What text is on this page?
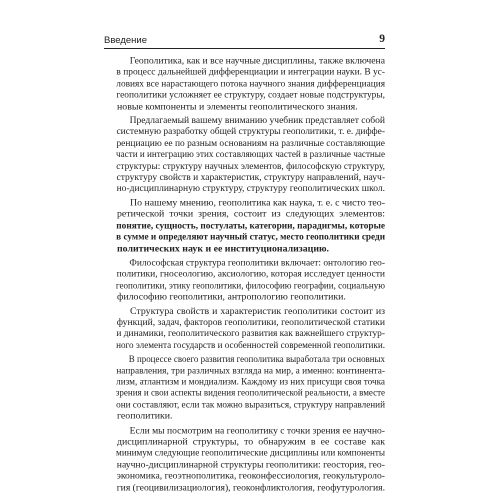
Введение	9

Геополитика, как и все научные дисциплины, также включена
в процесс дальнейшей дифференциации и интеграции науки. В ус-
ловиях все нарастающего потока научного знания дифференциация
геополитики усложняет ее структуру, создает новые подструктуры,
новые компоненты и элементы геополитического знания.

Предлагаемый вашему вниманию учебник представляет собой
системную разработку общей структуры геополитики, т. е. диффе-
ренциацию ее по разным основаниям на различные составляющие
части и интеграцию этих составляющих частей в различные частные
структуры: структуру научных элементов, философскую структуру,
структуру свойств и характеристик, структуру направлений, науч-
но-дисциплинарную структуру, структуру геополитических школ.

По нашему мнению, геополитика как наука, т. е. с чисто тео-
ретической точки зрения, состоит из следующих элементов:
понятие, сущность, постулаты, категории, парадигмы, которые
в сумме и определяют научный статус, место геополитики среди
политических наук и ее институционализацию.

Философская структура геополитики включает: онтологию гео-
политики, гносеологию, аксиологию, которая исследует ценности
геополитики, этику геополитики, философию географии, социальную
философию геополитики, антропологию геополитики.

Структура свойств и характеристик геополитики состоит из
функций, задач, факторов геополитики, геополитической статики
и динамики, геополитического развития как важнейшего структур-
ного элемента государств и особенностей современной геополитики.

В процессе своего развития геополитика выработала три основных
направления, три различных взгляда на мир, а именно: континента-
лизм, атлантизм и мондиализм. Каждому из них присущи своя точка
зрения и свои аспекты видения геополитической реальности, а вместе
они составляют, если так можно выразиться, структуру направлений
геополитики.

Если мы посмотрим на геополитику с точки зрения ее научно-
дисциплинарной структуры, то обнаружим в ее составе как
минимум следующие геополитические дисциплины или компоненты
научно-дисциплинарной структуры геополитики: геостория, гео-
экономика, геоэтнополитика, геоконфессиология, геокультуроло-
гия (геоцивилизациология), геоконфликтология, геофутурология.
